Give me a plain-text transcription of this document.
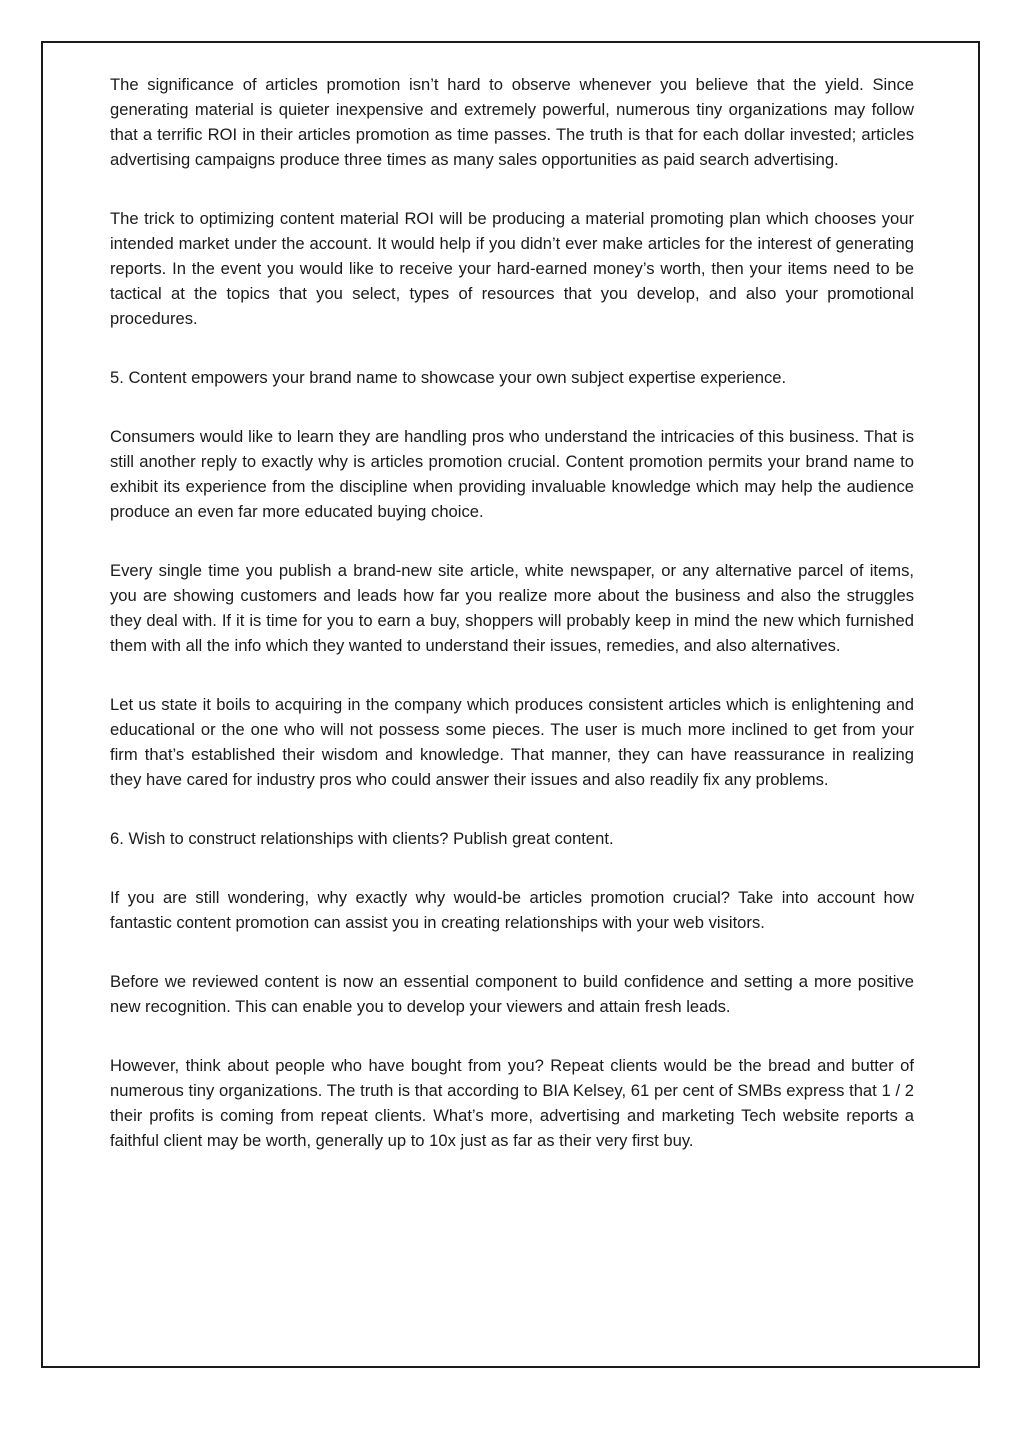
The significance of articles promotion isn’t hard to observe whenever you believe that the yield. Since generating material is quieter inexpensive and extremely powerful, numerous tiny organizations may follow that a terrific ROI in their articles promotion as time passes. The truth is that for each dollar invested; articles advertising campaigns produce three times as many sales opportunities as paid search advertising.

The trick to optimizing content material ROI will be producing a material promoting plan which chooses your intended market under the account. It would help if you didn’t ever make articles for the interest of generating reports. In the event you would like to receive your hard-earned money’s worth, then your items need to be tactical at the topics that you select, types of resources that you develop, and also your promotional procedures.

5. Content empowers your brand name to showcase your own subject expertise experience.

Consumers would like to learn they are handling pros who understand the intricacies of this business. That is still another reply to exactly why is articles promotion crucial. Content promotion permits your brand name to exhibit its experience from the discipline when providing invaluable knowledge which may help the audience produce an even far more educated buying choice.

Every single time you publish a brand-new site article, white newspaper, or any alternative parcel of items, you are showing customers and leads how far you realize more about the business and also the struggles they deal with. If it is time for you to earn a buy, shoppers will probably keep in mind the new which furnished them with all the info which they wanted to understand their issues, remedies, and also alternatives.

Let us state it boils to acquiring in the company which produces consistent articles which is enlightening and educational or the one who will not possess some pieces. The user is much more inclined to get from your firm that’s established their wisdom and knowledge. That manner, they can have reassurance in realizing they have cared for industry pros who could answer their issues and also readily fix any problems.

6. Wish to construct relationships with clients? Publish great content.

If you are still wondering, why exactly why would-be articles promotion crucial? Take into account how fantastic content promotion can assist you in creating relationships with your web visitors.

Before we reviewed content is now an essential component to build confidence and setting a more positive new recognition. This can enable you to develop your viewers and attain fresh leads.

However, think about people who have bought from you? Repeat clients would be the bread and butter of numerous tiny organizations. The truth is that according to BIA Kelsey, 61 per cent of SMBs express that 1 / 2 their profits is coming from repeat clients. What’s more, advertising and marketing Tech website reports a faithful client may be worth, generally up to 10x just as far as their very first buy.
